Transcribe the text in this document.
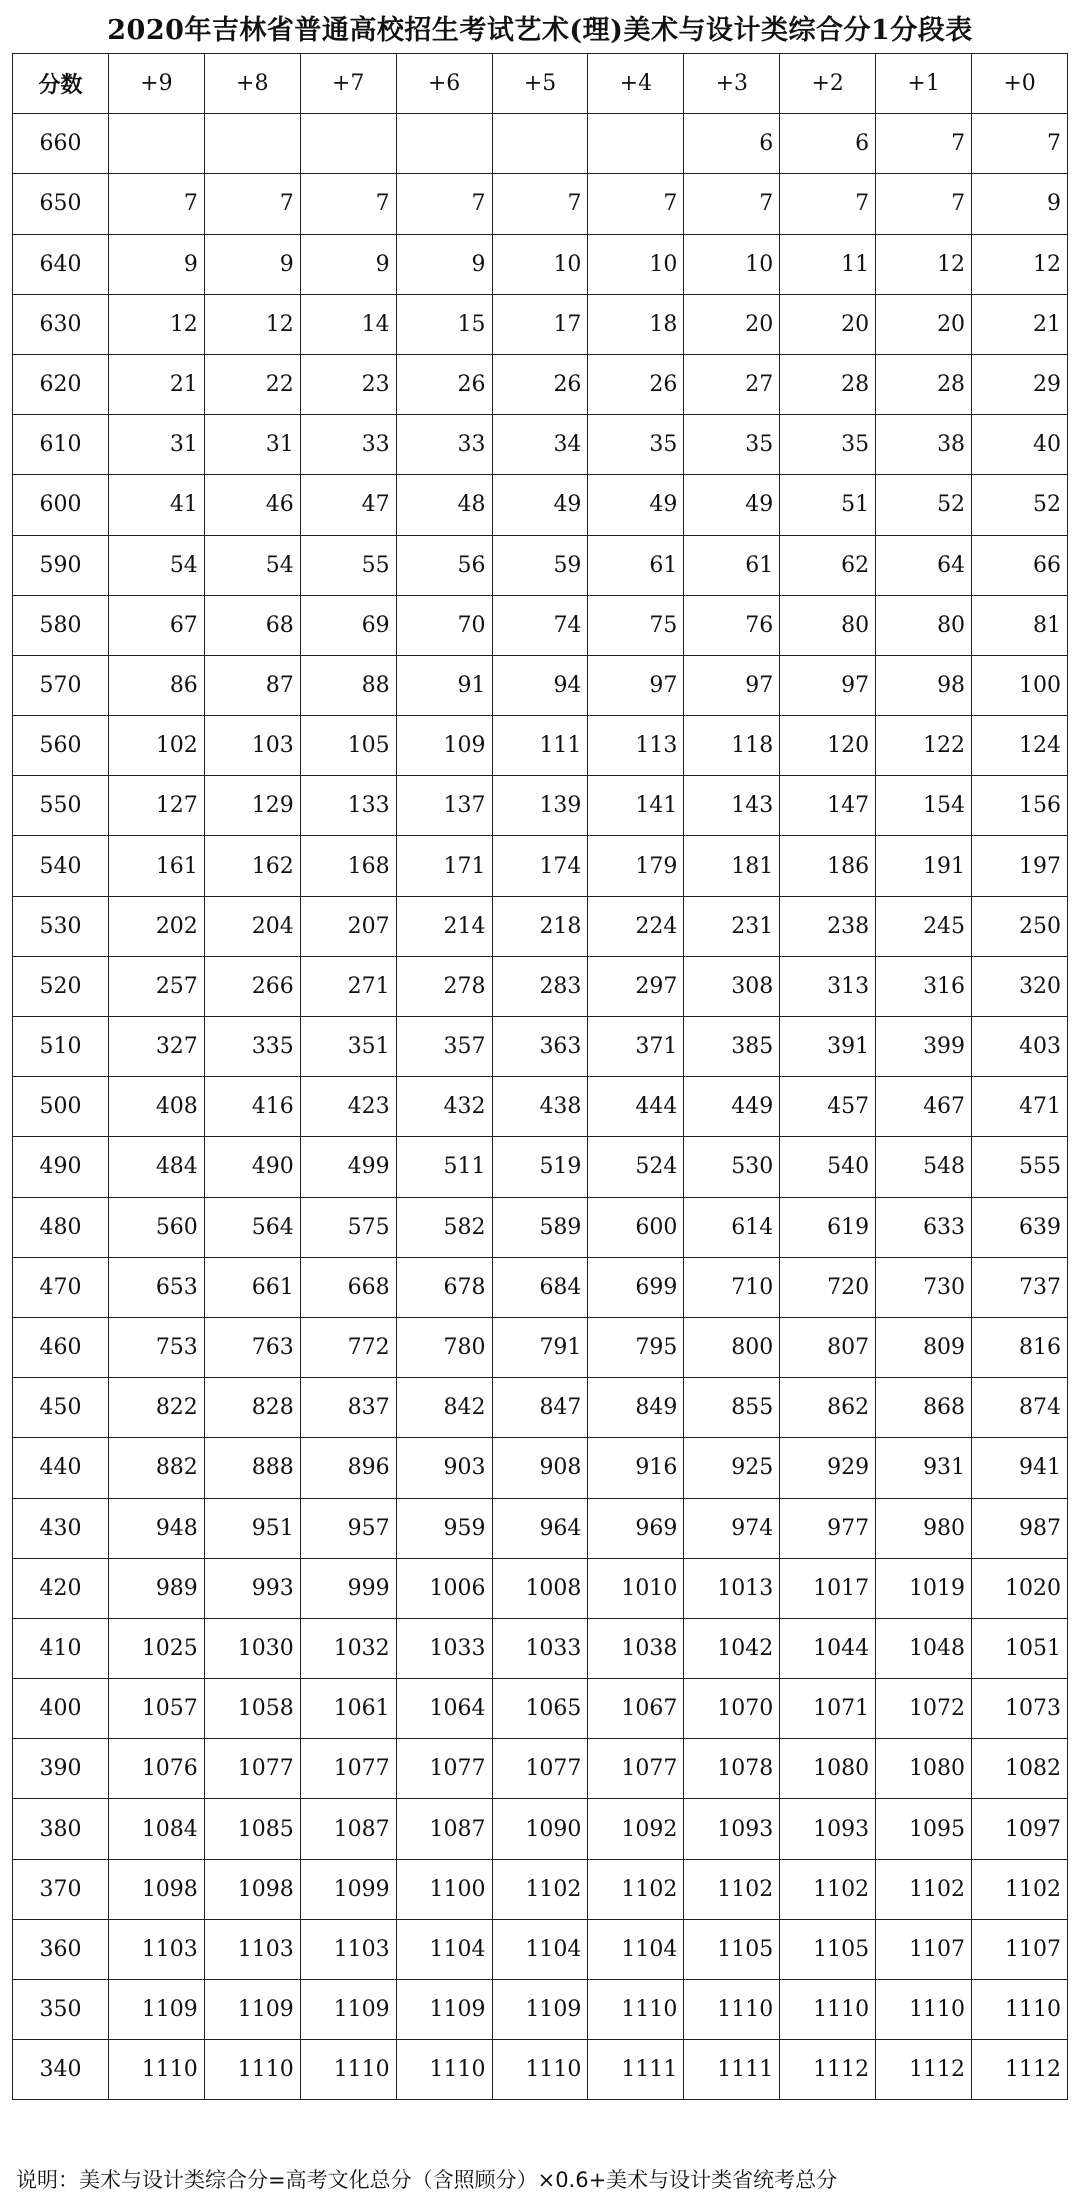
2020年吉林省普通高校招生考试艺术(理)美术与设计类综合分1分段表
分数	+9	+8	+7	+6	+5	+4	+3	+2	+1	+0
660							6	6	7	7
650	7	7	7	7	7	7	7	7	7	9
640	9	9	9	9	10	10	10	11	12	12
630	12	12	14	15	17	18	20	20	20	21
620	21	22	23	26	26	26	27	28	28	29
610	31	31	33	33	34	35	35	35	38	40
600	41	46	47	48	49	49	49	51	52	52
590	54	54	55	56	59	61	61	62	64	66
580	67	68	69	70	74	75	76	80	80	81
570	86	87	88	91	94	97	97	97	98	100
560	102	103	105	109	111	113	118	120	122	124
550	127	129	133	137	139	141	143	147	154	156
540	161	162	168	171	174	179	181	186	191	197
530	202	204	207	214	218	224	231	238	245	250
520	257	266	271	278	283	297	308	313	316	320
510	327	335	351	357	363	371	385	391	399	403
500	408	416	423	432	438	444	449	457	467	471
490	484	490	499	511	519	524	530	540	548	555
480	560	564	575	582	589	600	614	619	633	639
470	653	661	668	678	684	699	710	720	730	737
460	753	763	772	780	791	795	800	807	809	816
450	822	828	837	842	847	849	855	862	868	874
440	882	888	896	903	908	916	925	929	931	941
430	948	951	957	959	964	969	974	977	980	987
420	989	993	999	1006	1008	1010	1013	1017	1019	1020
410	1025	1030	1032	1033	1033	1038	1042	1044	1048	1051
400	1057	1058	1061	1064	1065	1067	1070	1071	1072	1073
390	1076	1077	1077	1077	1077	1077	1078	1080	1080	1082
380	1084	1085	1087	1087	1090	1092	1093	1093	1095	1097
370	1098	1098	1099	1100	1102	1102	1102	1102	1102	1102
360	1103	1103	1103	1104	1104	1104	1105	1105	1107	1107
350	1109	1109	1109	1109	1109	1110	1110	1110	1110	1110
340	1110	1110	1110	1110	1110	1111	1111	1112	1112	1112
说明：美术与设计类综合分=高考文化总分（含照顾分）×0.6+美术与设计类省统考总分
